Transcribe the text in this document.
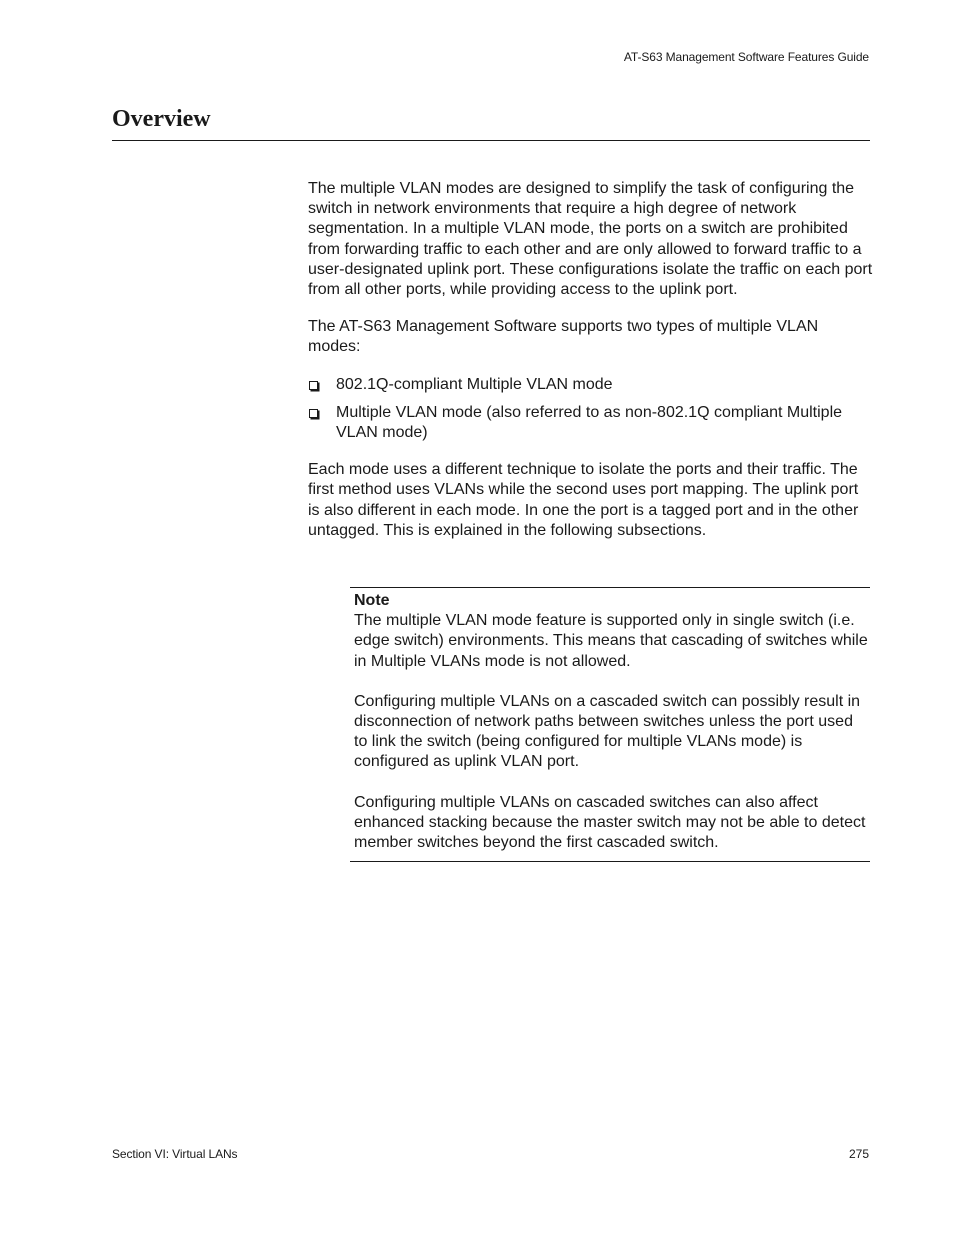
AT-S63 Management Software Features Guide
Overview

The multiple VLAN modes are designed to simplify the task of configuring the switch in network environments that require a high degree of network segmentation. In a multiple VLAN mode, the ports on a switch are prohibited from forwarding traffic to each other and are only allowed to forward traffic to a user-designated uplink port. These configurations isolate the traffic on each port from all other ports, while providing access to the uplink port.

The AT-S63 Management Software supports two types of multiple VLAN modes:

802.1Q-compliant Multiple VLAN mode
Multiple VLAN mode (also referred to as non-802.1Q compliant Multiple VLAN mode)

Each mode uses a different technique to isolate the ports and their traffic. The first method uses VLANs while the second uses port mapping. The uplink port is also different in each mode. In one the port is a tagged port and in the other untagged. This is explained in the following subsections.

Note

The multiple VLAN mode feature is supported only in single switch (i.e. edge switch) environments. This means that cascading of switches while in Multiple VLANs mode is not allowed.

Configuring multiple VLANs on a cascaded switch can possibly result in disconnection of network paths between switches unless the port used to link the switch (being configured for multiple VLANs mode) is configured as uplink VLAN port.

Configuring multiple VLANs on cascaded switches can also affect enhanced stacking because the master switch may not be able to detect member switches beyond the first cascaded switch.

Section VI: Virtual LANs	275
